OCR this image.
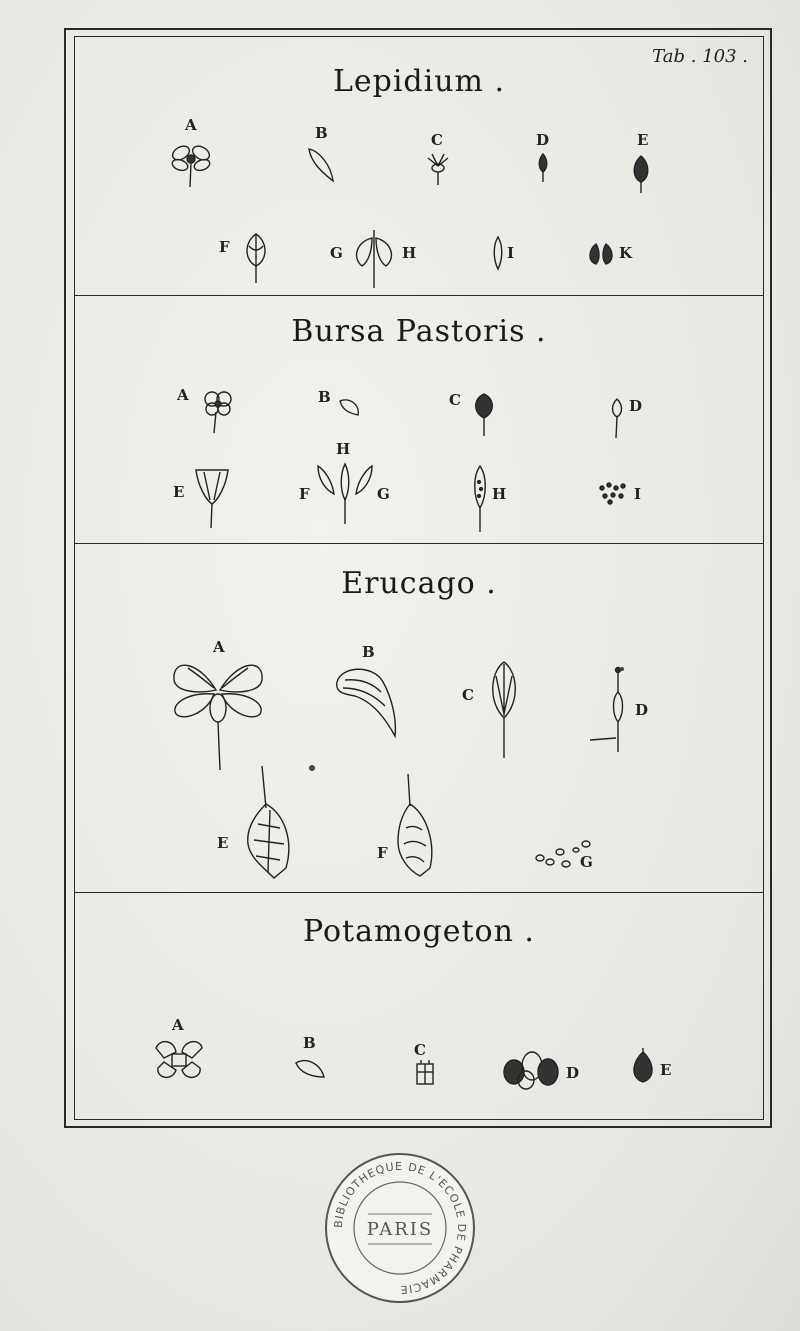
Tab . 103 .
Lepidium .
A	B	C	D	E
F	G	H	I	K
Bursa Pastoris .
A	B	C	D
E
H
F	G	H	I
Erucago .
A	B
C
D
E
F	G
Potamogeton .
A
B	C
D	E
BIBLIOTHEQUE DE L'ECOLE DE PHARMACIE
PARIS
